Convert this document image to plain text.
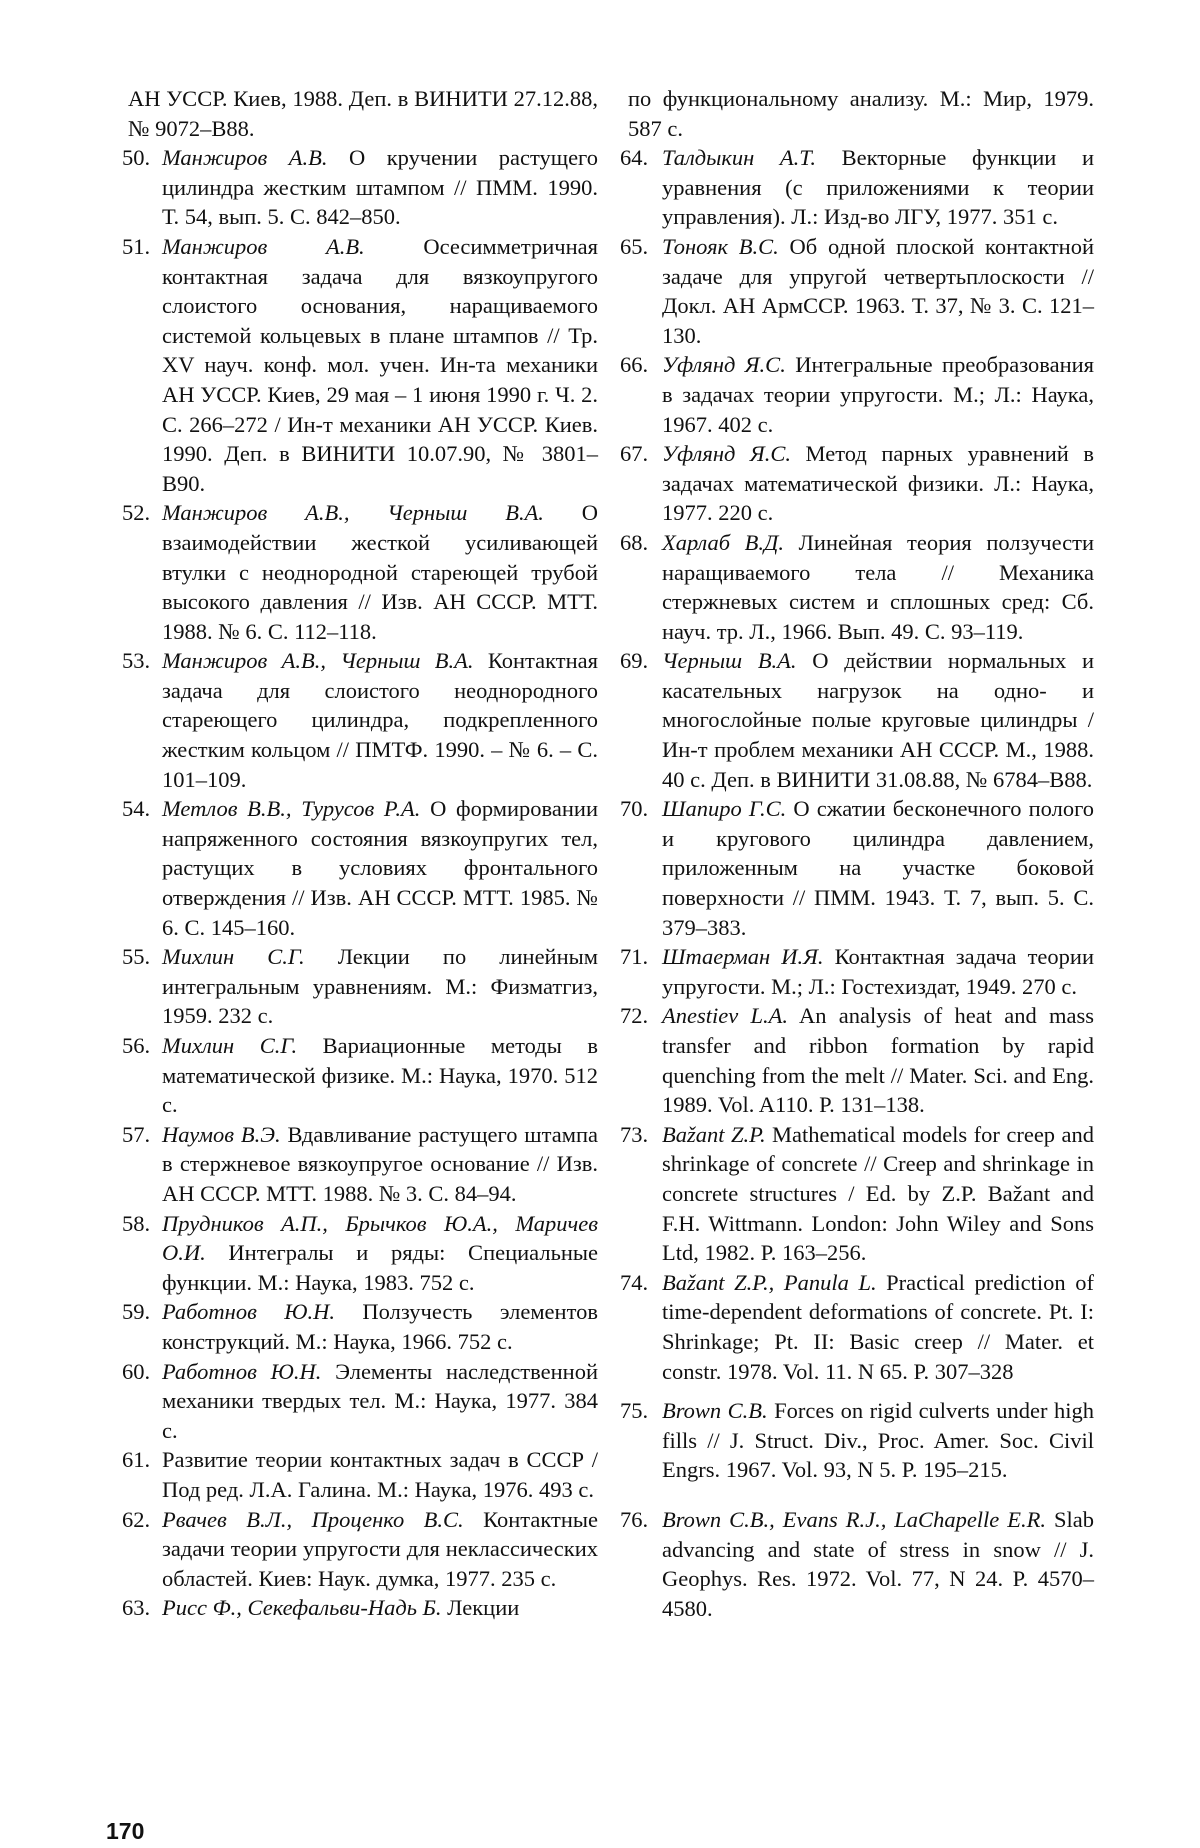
АН УССР. Киев, 1988. Деп. в ВИНИТИ 27.12.88, № 9072–В88.

50. Манжиров А.В. О кручении растущего цилиндра жестким штампом // ПММ. 1990. Т. 54, вып. 5. С. 842–850.

51. Манжиров А.В. Осесимметричная контактная задача для вязкоупругого слоистого основания, наращиваемого системой кольцевых в плане штампов // Тр. XV науч. конф. мол. учен. Ин-та механики АН УССР. Киев, 29 мая – 1 июня 1990 г. Ч. 2. С. 266–272 / Ин-т механики АН УССР. Киев. 1990. Деп. в ВИНИТИ 10.07.90, № 3801–В90.

52. Манжиров А.В., Черныш В.А. О взаимодействии жесткой усиливающей втулки с неоднородной стареющей трубой высокого давления // Изв. АН СССР. МТТ. 1988. № 6. С. 112–118.

53. Манжиров А.В., Черныш В.А. Контактная задача для слоистого неоднородного стареющего цилиндра, подкрепленного жестким кольцом // ПМТФ. 1990. – № 6. – С. 101–109.

54. Метлов В.В., Турусов Р.А. О формировании напряженного состояния вязкоупругих тел, растущих в условиях фронтального отверждения // Изв. АН СССР. МТТ. 1985. № 6. С. 145–160.

55. Михлин С.Г. Лекции по линейным интегральным уравнениям. М.: Физматгиз, 1959. 232 с.

56. Михлин С.Г. Вариационные методы в математической физике. М.: Наука, 1970. 512 с.

57. Наумов В.Э. Вдавливание растущего штампа в стержневое вязкоупругое основание // Изв. АН СССР. МТТ. 1988. № 3. С. 84–94.

58. Прудников А.П., Брычков Ю.А., Маричев О.И. Интегралы и ряды: Специальные функции. М.: Наука, 1983. 752 с.

59. Работнов Ю.Н. Ползучесть элементов конструкций. М.: Наука, 1966. 752 с.

60. Работнов Ю.Н. Элементы наследственной механики твердых тел. М.: Наука, 1977. 384 с.

61. Развитие теории контактных задач в СССР / Под ред. Л.А. Галина. М.: Наука, 1976. 493 с.

62. Рвачев В.Л., Проценко В.С. Контактные задачи теории упругости для неклассических областей. Киев: Наук. думка, 1977. 235 с.

63. Рисс Ф., Секефальви-Надь Б. Лекции

по функциональному анализу. М.: Мир, 1979. 587 с.

64. Талдыкин А.Т. Векторные функции и уравнения (с приложениями к теории управления). Л.: Изд-во ЛГУ, 1977. 351 с.

65. Тонояк В.С. Об одной плоской контактной задаче для упругой четвертьплоскости // Докл. АН АрмССР. 1963. Т. 37, № 3. С. 121–130.

66. Уфлянд Я.С. Интегральные преобразования в задачах теории упругости. М.; Л.: Наука, 1967. 402 с.

67. Уфлянд Я.С. Метод парных уравнений в задачах математической физики. Л.: Наука, 1977. 220 с.

68. Харлаб В.Д. Линейная теория ползучести наращиваемого тела // Механика стержневых систем и сплошных сред: Сб. науч. тр. Л., 1966. Вып. 49. С. 93–119.

69. Черныш В.А. О действии нормальных и касательных нагрузок на одно- и многослойные полые круговые цилиндры / Ин-т проблем механики АН СССР. М., 1988. 40 с. Деп. в ВИНИТИ 31.08.88, № 6784–В88.

70. Шапиро Г.С. О сжатии бесконечного полого и кругового цилиндра давлением, приложенным на участке боковой поверхности // ПММ. 1943. Т. 7, вып. 5. С. 379–383.

71. Штаерман И.Я. Контактная задача теории упругости. М.; Л.: Гостехиздат, 1949. 270 с.

72. Anestiev L.A. An analysis of heat and mass transfer and ribbon formation by rapid quenching from the melt // Mater. Sci. and Eng. 1989. Vol. A110. P. 131–138.

73. Bažant Z.P. Mathematical models for creep and shrinkage of concrete // Creep and shrinkage in concrete structures / Ed. by Z.P. Bažant and F.H. Wittmann. London: John Wiley and Sons Ltd, 1982. P. 163–256.

74. Bažant Z.P., Panula L. Practical prediction of time-dependent deformations of concrete. Pt. I: Shrinkage; Pt. II: Basic creep // Mater. et constr. 1978. Vol. 11. N 65. P. 307–328

75. Brown C.B. Forces on rigid culverts under high fills // J. Struct. Div., Proc. Amer. Soc. Civil Engrs. 1967. Vol. 93, N 5. P. 195–215.

76. Brown C.B., Evans R.J., LaChapelle E.R. Slab advancing and state of stress in snow // J. Geophys. Res. 1972. Vol. 77, N 24. P. 4570–4580.

170
